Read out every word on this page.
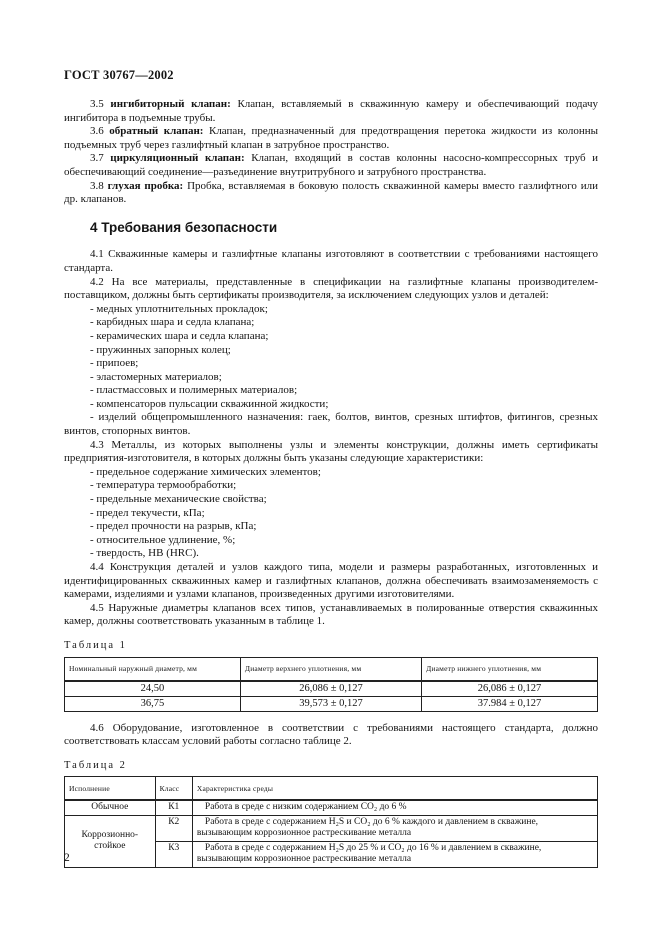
ГОСТ 30767—2002

3.5 ингибиторный клапан: Клапан, вставляемый в скважинную камеру и обеспечивающий подачу ингибитора в подъемные трубы.

3.6 обратный клапан: Клапан, предназначенный для предотвращения перетока жидкости из колонны подъемных труб через газлифтный клапан в затрубное пространство.

3.7 циркуляционный клапан: Клапан, входящий в состав колонны насосно-компрессорных труб и обеспечивающий соединение—разъединение внутритрубного и затрубного пространства.

3.8 глухая пробка: Пробка, вставляемая в боковую полость скважинной камеры вместо газлифтного или др. клапанов.

4 Требования безопасности

4.1 Скважинные камеры и газлифтные клапаны изготовляют в соответствии с требованиями настоящего стандарта.

4.2 На все материалы, представленные в спецификации на газлифтные клапаны производителем-поставщиком, должны быть сертификаты производителя, за исключением следующих узлов и деталей:

- медных уплотнительных прокладок;
- карбидных шара и седла клапана;
- керамических шара и седла клапана;
- пружинных запорных колец;
- припоев;
- эластомерных материалов;
- пластмассовых и полимерных материалов;
- компенсаторов пульсации скважинной жидкости;
- изделий общепромышленного назначения: гаек, болтов, винтов, срезных штифтов, фитингов, срезных винтов, стопорных винтов.

4.3 Металлы, из которых выполнены узлы и элементы конструкции, должны иметь сертификаты предприятия-изготовителя, в которых должны быть указаны следующие характеристики:

- предельное содержание химических элементов;
- температура термообработки;
- предельные механические свойства;
- предел текучести, кПа;
- предел прочности на разрыв, кПа;
- относительное удлинение, %;
- твердость, HB (HRC).

4.4 Конструкция деталей и узлов каждого типа, модели и размеры разработанных, изготовленных и идентифицированных скважинных камер и газлифтных клапанов, должна обеспечивать взаимозаменяемость с камерами, изделиями и узлами клапанов, произведенных другими изготовителями.

4.5 Наружные диаметры клапанов всех типов, устанавливаемых в полированные отверстия скважинных камер, должны соответствовать указанным в таблице 1.

Таблица 1
Номинальный наружный диаметр, мм	Диаметр верхнего уплотнения, мм	Диаметр нижнего уплотнения, мм
24,50	26,086 ± 0,127	26,086 ± 0,127
36,75	39,573 ± 0,127	37.984 ± 0,127

4.6 Оборудование, изготовленное в соответствии с требованиями настоящего стандарта, должно соответствовать классам условий работы согласно таблице 2.

Таблица 2
Исполнение	Класс	Характеристика среды
Обычное	К1	Работа в среде с низким содержанием CO₂ до 6 %
Коррозионно-стойкое	К2	Работа в среде с содержанием H₂S и CO₂ до 6 % каждого и давлением в скважине, вызывающим коррозионное растрескивание металла
	К3	Работа в среде с содержанием H₂S до 25 % и CO₂ до 16 % и давлением в скважине, вызывающим коррозионное растрескивание металла
2
